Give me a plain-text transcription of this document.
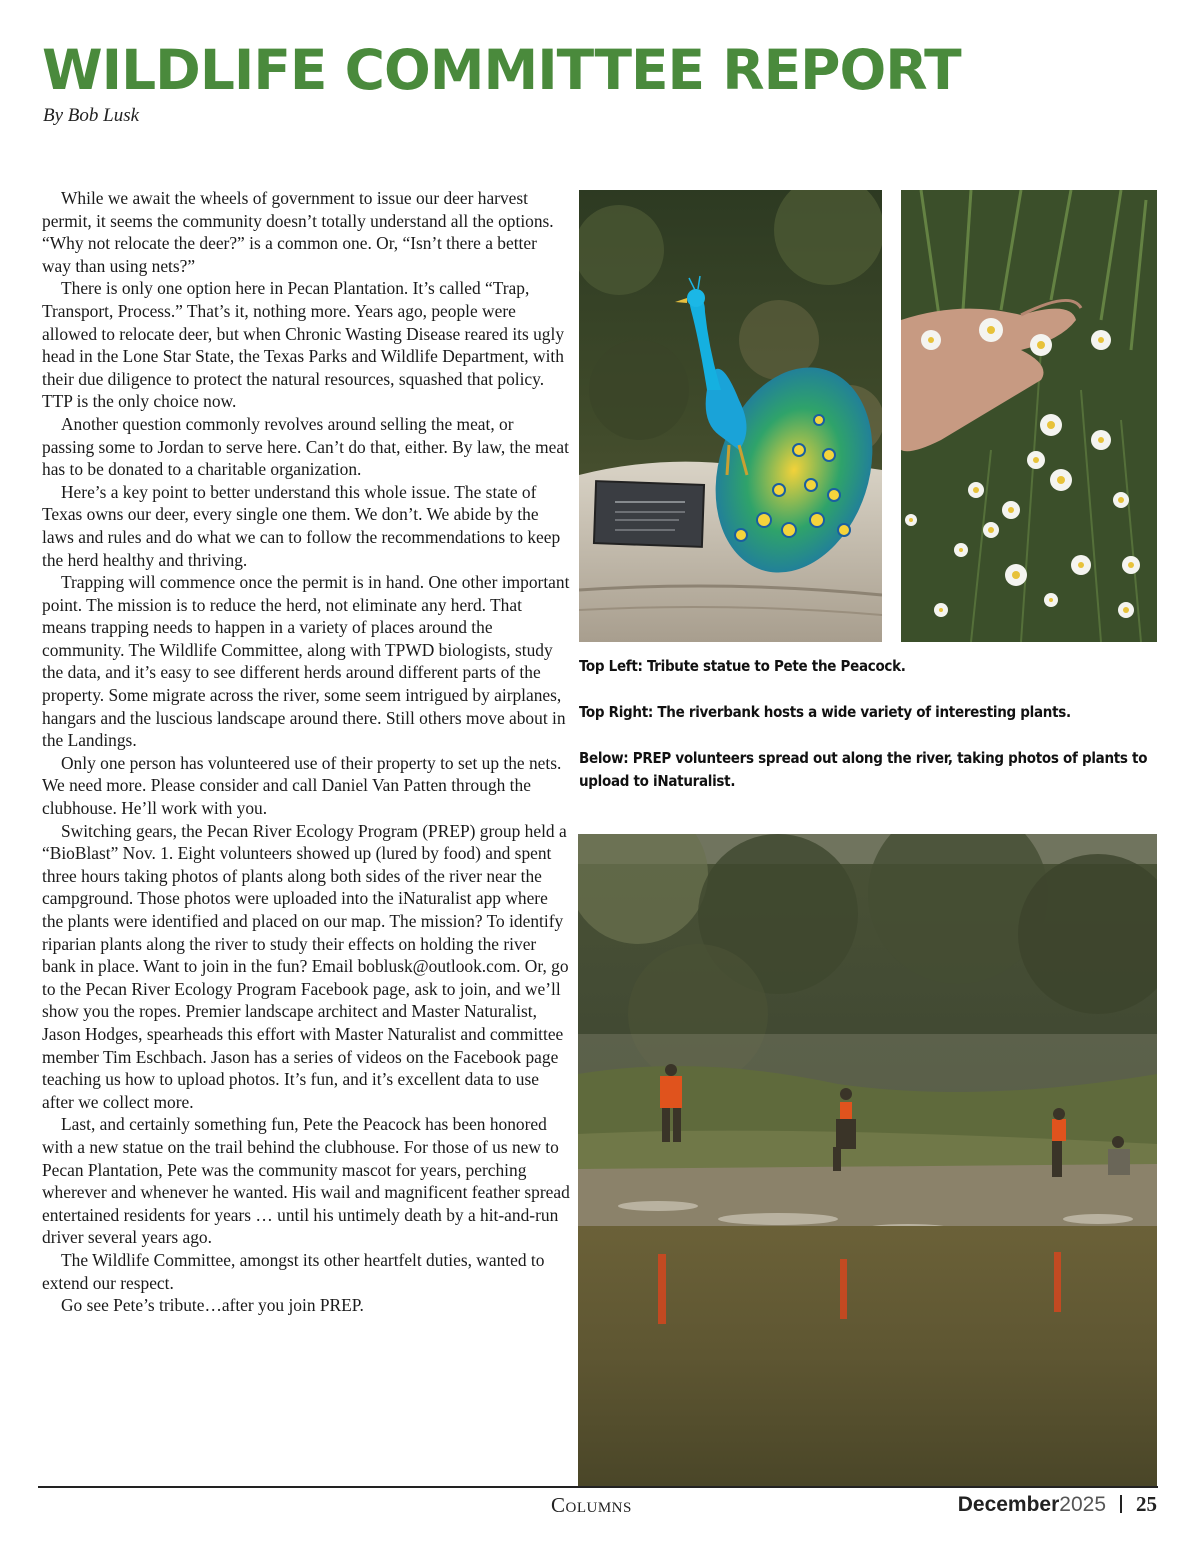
WILDLIFE COMMITTEE REPORT
By Bob Lusk

While we await the wheels of government to issue our deer harvest permit, it seems the community doesn’t totally understand all the options. “Why not relocate the deer?” is a common one. Or, “Isn’t there a better way than using nets?”

There is only one option here in Pecan Plantation. It’s called “Trap, Transport, Process.” That’s it, nothing more. Years ago, people were allowed to relocate deer, but when Chronic Wasting Disease reared its ugly head in the Lone Star State, the Texas Parks and Wildlife Department, with their due diligence to protect the natural resources, squashed that policy. TTP is the only choice now.

Another question commonly revolves around selling the meat, or passing some to Jordan to serve here. Can’t do that, either. By law, the meat has to be donated to a charitable organization.

Here’s a key point to better understand this whole issue. The state of Texas owns our deer, every single one them. We don’t. We abide by the laws and rules and do what we can to follow the recommendations to keep the herd healthy and thriving.

Trapping will commence once the permit is in hand. One other important point. The mission is to reduce the herd, not eliminate any herd. That means trapping needs to happen in a variety of places around the community. The Wildlife Committee, along with TPWD biologists, study the data, and it’s easy to see different herds around different parts of the property. Some migrate across the river, some seem intrigued by airplanes, hangars and the luscious landscape around there. Still others move about in the Landings.

Only one person has volunteered use of their property to set up the nets. We need more. Please consider and call Daniel Van Patten through the clubhouse. He’ll work with you.

Switching gears, the Pecan River Ecology Program (PREP) group held a “BioBlast” Nov. 1. Eight volunteers showed up (lured by food) and spent three hours taking photos of plants along both sides of the river near the campground. Those photos were uploaded into the iNaturalist app where the plants were identified and placed on our map. The mission? To identify riparian plants along the river to study their effects on holding the river bank in place. Want to join in the fun? Email boblusk@outlook.com. Or, go to the Pecan River Ecology Program Facebook page, ask to join, and we’ll show you the ropes. Premier landscape architect and Master Naturalist, Jason Hodges, spearheads this effort with Master Naturalist and committee member Tim Eschbach. Jason has a series of videos on the Facebook page teaching us how to upload photos. It’s fun, and it’s excellent data to use after we collect more.

Last, and certainly something fun, Pete the Peacock has been honored with a new statue on the trail behind the clubhouse. For those of us new to Pecan Plantation, Pete was the community mascot for years, perching wherever and whenever he wanted. His wail and magnificent feather spread entertained residents for years … until his untimely death by a hit-and-run driver several years ago.

The Wildlife Committee, amongst its other heartfelt duties, wanted to extend our respect.

Go see Pete’s tribute…after you join PREP.

Top Left: Tribute statue to Pete the Peacock.

Top Right: The riverbank hosts a wide variety of interesting plants.

Below: PREP volunteers spread out along the river, taking photos of plants to upload to iNaturalist.

Columns	December2025 25
